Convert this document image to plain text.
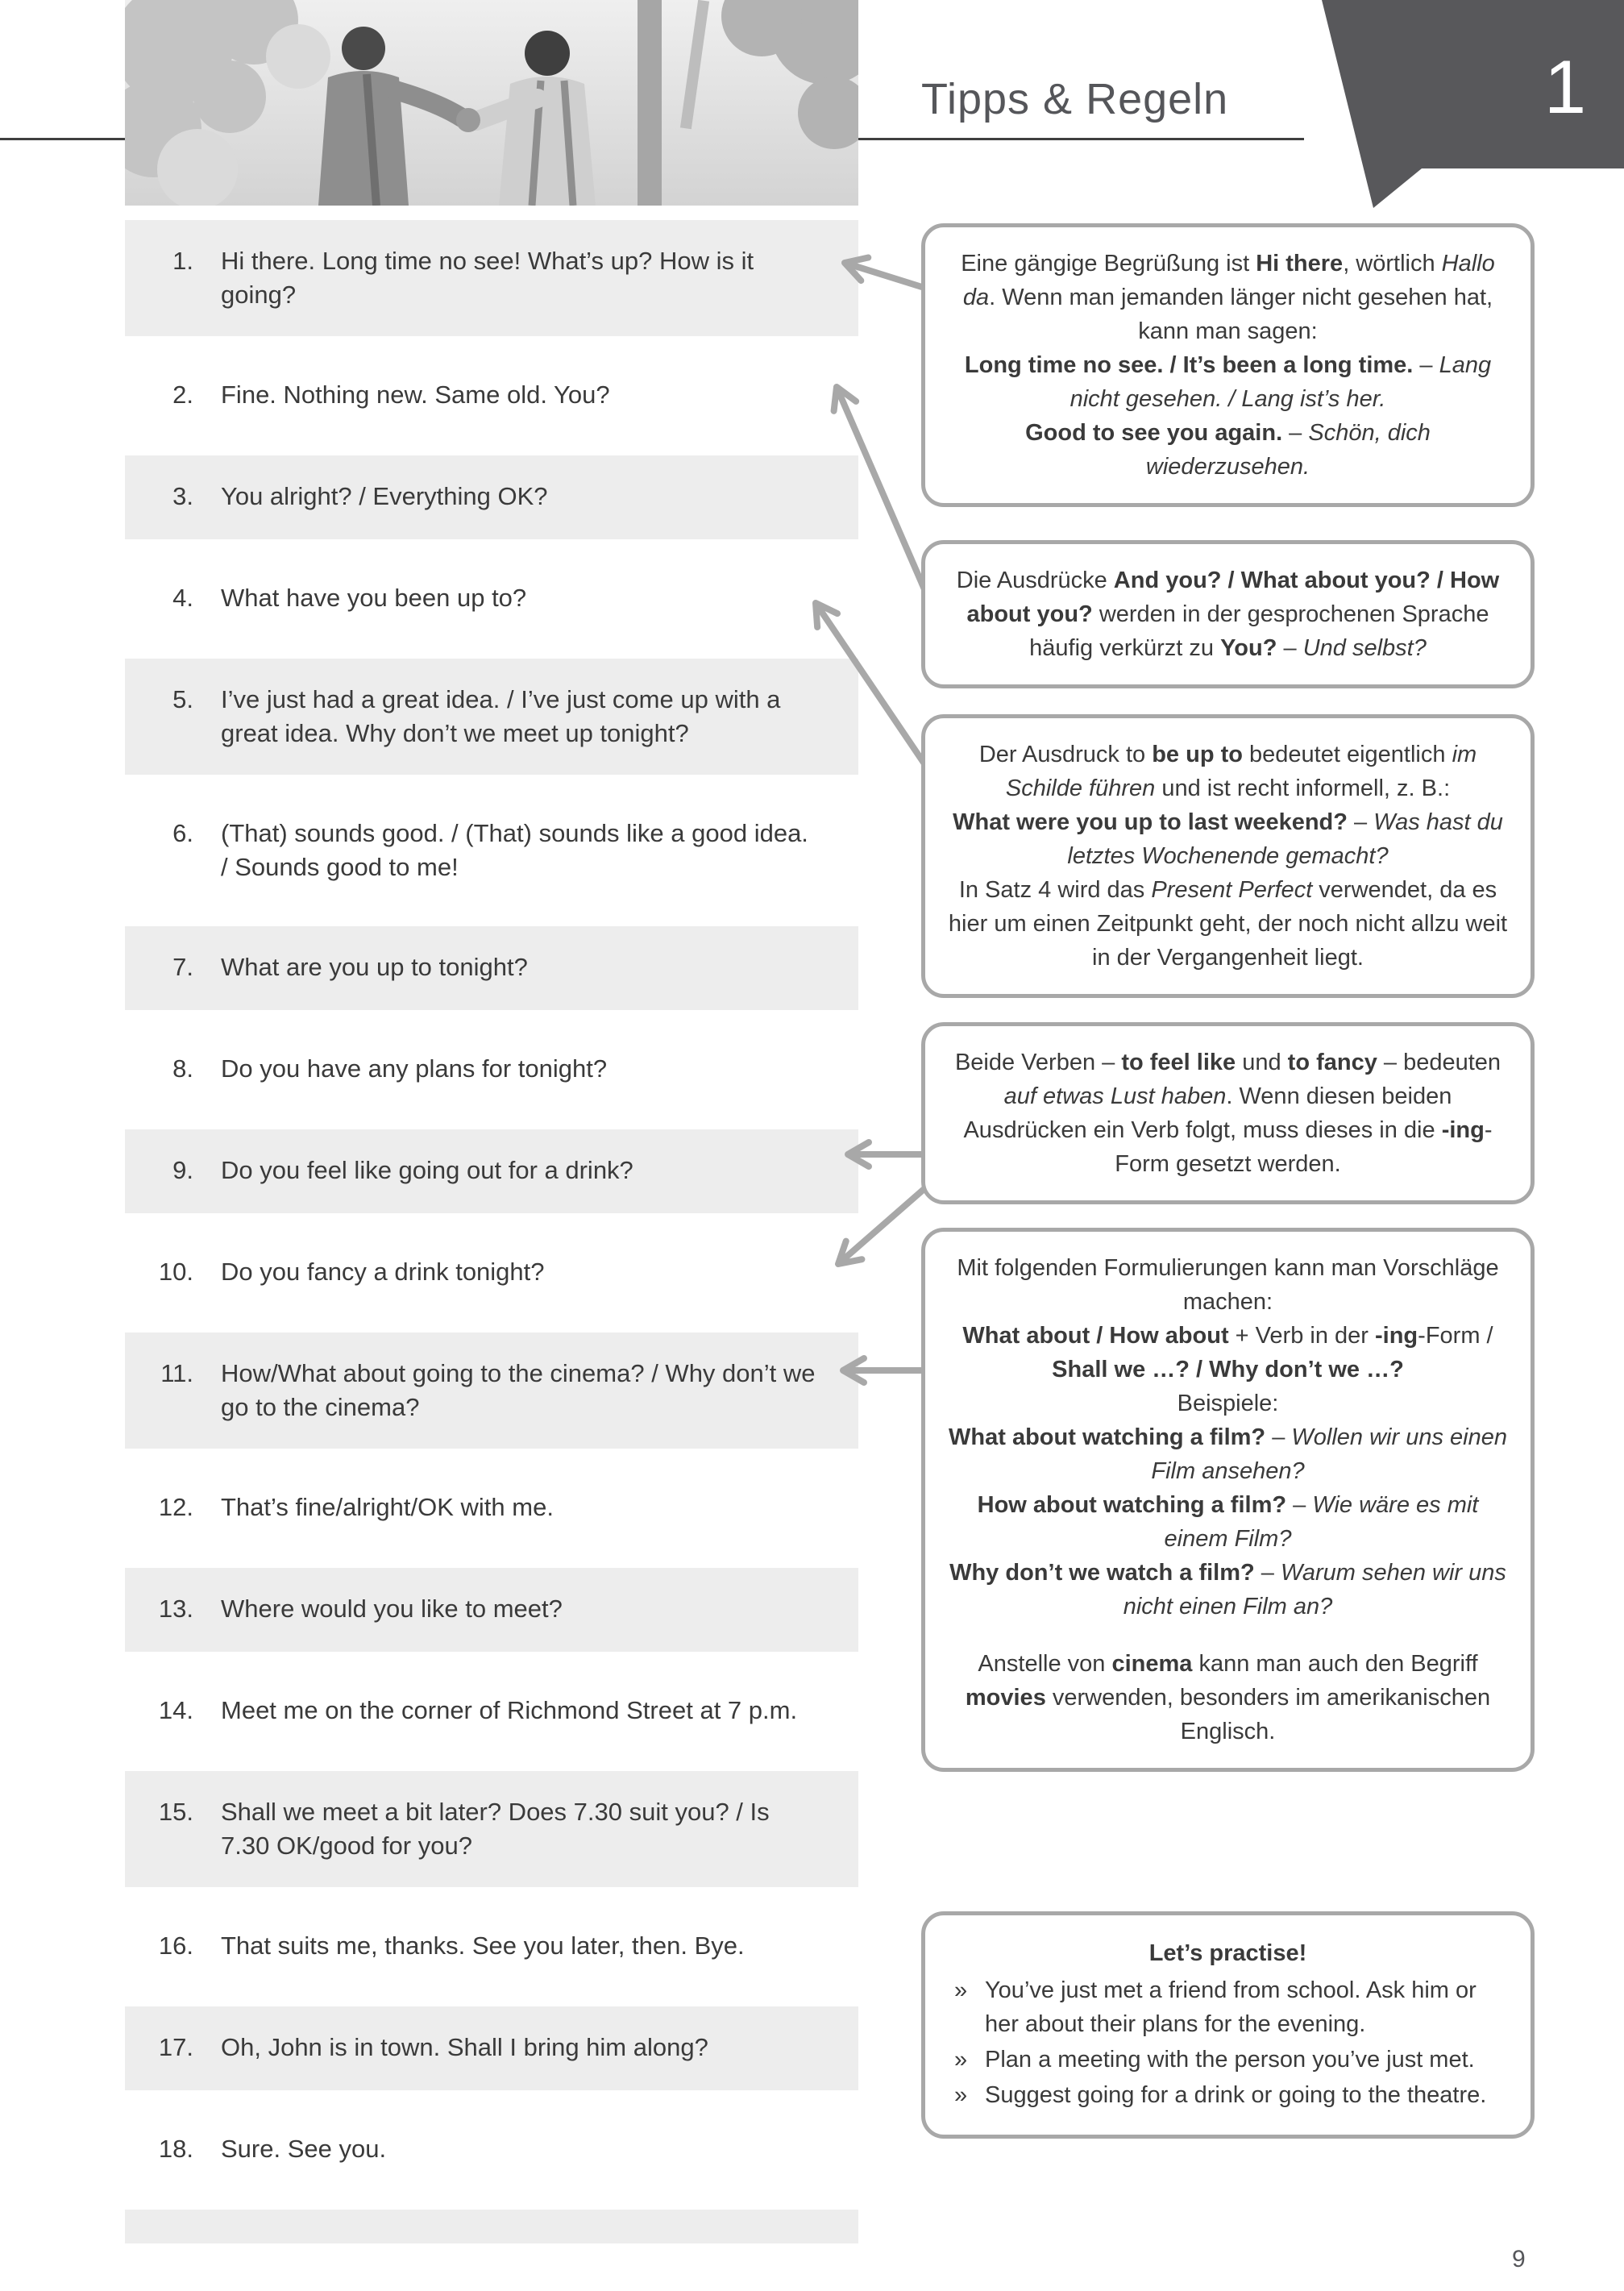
Tipps & Regeln	1
1. Hi there. Long time no see! What’s up? How is it going?
2. Fine. Nothing new. Same old. You?
3. You alright? / Everything OK?
4. What have you been up to?
5. I’ve just had a great idea. / I’ve just come up with a great idea. Why don’t we meet up tonight?
6. (That) sounds good. / (That) sounds like a good idea. / Sounds good to me!
7. What are you up to tonight?
8. Do you have any plans for tonight?
9. Do you feel like going out for a drink?
10. Do you fancy a drink tonight?
11. How/What about going to the cinema? / Why don’t we go to the cinema?
12. That’s fine/alright/OK with me.
13. Where would you like to meet?
14. Meet me on the corner of Richmond Street at 7 p.m.
15. Shall we meet a bit later? Does 7.30 suit you? / Is 7.30 OK/good for you?
16. That suits me, thanks. See you later, then. Bye.
17. Oh, John is in town. Shall I bring him along?
18. Sure. See you.

Eine gängige Begrüßung ist Hi there, wörtlich Hallo da. Wenn man jemanden länger nicht gesehen hat, kann man sagen:
Long time no see. / It’s been a long time. – Lang nicht gesehen. / Lang ist’s her.
Good to see you again. – Schön, dich wiederzusehen.

Die Ausdrücke And you? / What about you? / How about you? werden in der gesprochenen Sprache häufig verkürzt zu You? – Und selbst?

Der Ausdruck to be up to bedeutet eigentlich im Schilde führen und ist recht informell, z. B.:
What were you up to last weekend? – Was hast du letztes Wochenende gemacht?
In Satz 4 wird das Present Perfect verwendet, da es hier um einen Zeitpunkt geht, der noch nicht allzu weit in der Vergangenheit liegt.

Beide Verben – to feel like und to fancy – bedeuten auf etwas Lust haben. Wenn diesen beiden Ausdrücken ein Verb folgt, muss dieses in die -ing-Form gesetzt werden.

Mit folgenden Formulierungen kann man Vorschläge machen:
What about / How about + Verb in der -ing-Form / Shall we …? / Why don’t we …?
Beispiele:
What about watching a film? – Wollen wir uns einen Film ansehen?
How about watching a film? – Wie wäre es mit einem Film?
Why don’t we watch a film? – Warum sehen wir uns nicht einen Film an?

Anstelle von cinema kann man auch den Begriff movies verwenden, besonders im amerikanischen Englisch.

Let’s practise!
» You’ve just met a friend from school. Ask him or her about their plans for the evening.
» Plan a meeting with the person you’ve just met.
» Suggest going for a drink or going to the theatre.
9
